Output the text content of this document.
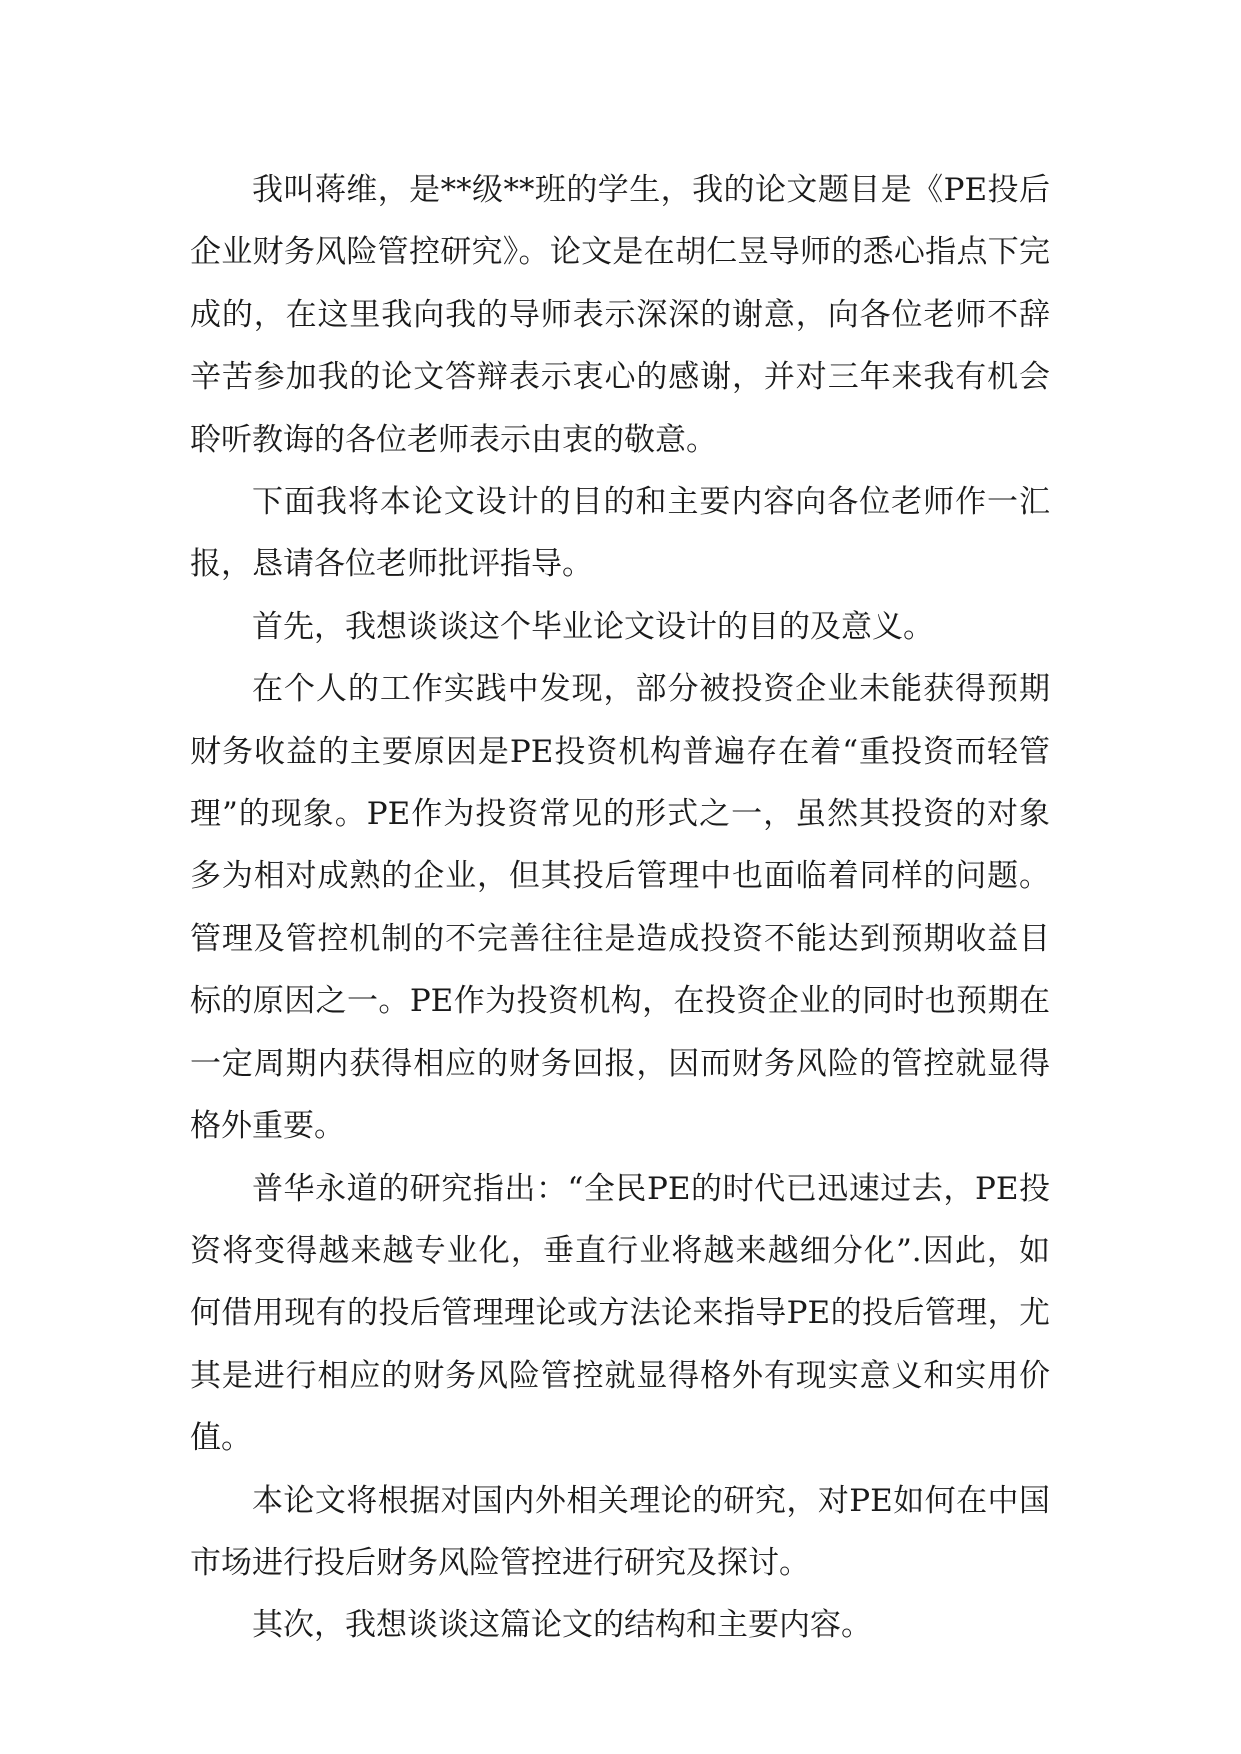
我叫蒋维，是**级**班的学生，我的论文题目是《PE投后企业财务风险管控研究》。论文是在胡仁昱导师的悉心指点下完成的，在这里我向我的导师表示深深的谢意，向各位老师不辞辛苦参加我的论文答辩表示衷心的感谢，并对三年来我有机会聆听教诲的各位老师表示由衷的敬意。

下面我将本论文设计的目的和主要内容向各位老师作一汇报，恳请各位老师批评指导。

首先，我想谈谈这个毕业论文设计的目的及意义。

在个人的工作实践中发现，部分被投资企业未能获得预期财务收益的主要原因是PE投资机构普遍存在着“重投资而轻管理”的现象。PE作为投资常见的形式之一，虽然其投资的对象多为相对成熟的企业，但其投后管理中也面临着同样的问题。管理及管控机制的不完善往往是造成投资不能达到预期收益目标的原因之一。PE作为投资机构，在投资企业的同时也预期在一定周期内获得相应的财务回报，因而财务风险的管控就显得格外重要。

普华永道的研究指出：“全民PE的时代已迅速过去，PE投资将变得越来越专业化，垂直行业将越来越细分化”.因此，如何借用现有的投后管理理论或方法论来指导PE的投后管理，尤其是进行相应的财务风险管控就显得格外有现实意义和实用价值。

本论文将根据对国内外相关理论的研究，对PE如何在中国市场进行投后财务风险管控进行研究及探讨。

其次，我想谈谈这篇论文的结构和主要内容。
